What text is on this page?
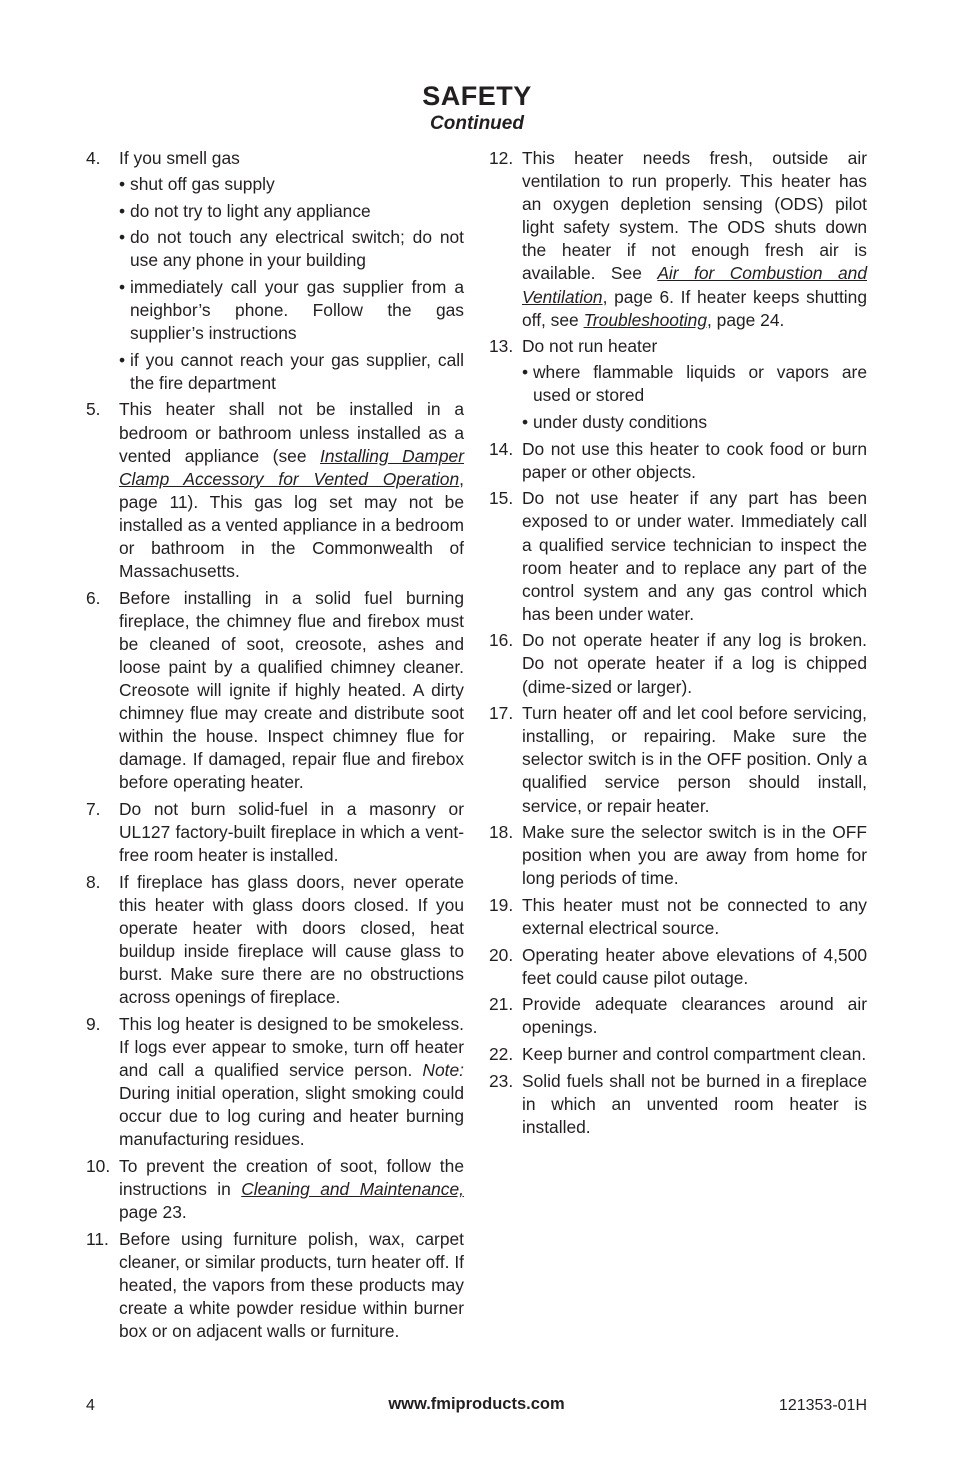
SAFETY
Continued
4. If you smell gas
• shut off gas supply
• do not try to light any appliance
• do not touch any electrical switch; do not use any phone in your building
• immediately call your gas supplier from a neighbor’s phone. Follow the gas supplier’s instructions
• if you cannot reach your gas supplier, call the fire department
5. This heater shall not be installed in a bedroom or bathroom unless installed as a vented appliance (see Installing Damper Clamp Accessory for Vented Operation, page 11). This gas log set may not be installed as a vented appliance in a bedroom or bathroom in the Commonwealth of Massachusetts.
6. Before installing in a solid fuel burning fireplace, the chimney flue and firebox must be cleaned of soot, creosote, ashes and loose paint by a qualified chimney cleaner. Creosote will ignite if highly heated. A dirty chimney flue may create and distribute soot within the house. Inspect chimney flue for damage. If damaged, repair flue and firebox before operating heater.
7. Do not burn solid-fuel in a masonry or UL127 factory-built fireplace in which a vent-free room heater is installed.
8. If fireplace has glass doors, never operate this heater with glass doors closed. If you operate heater with doors closed, heat buildup inside fireplace will cause glass to burst. Make sure there are no obstructions across openings of fireplace.
9. This log heater is designed to be smokeless. If logs ever appear to smoke, turn off heater and call a qualified service person. Note: During initial operation, slight smoking could occur due to log curing and heater burning manufacturing residues.
10. To prevent the creation of soot, follow the instructions in Cleaning and Maintenance, page 23.
11. Before using furniture polish, wax, carpet cleaner, or similar products, turn heater off. If heated, the vapors from these products may create a white powder residue within burner box or on adjacent walls or furniture.
12. This heater needs fresh, outside air ventilation to run properly. This heater has an oxygen depletion sensing (ODS) pilot light safety system. The ODS shuts down the heater if not enough fresh air is available. See Air for Combustion and Ventilation, page 6. If heater keeps shutting off, see Troubleshooting, page 24.
13. Do not run heater
• where flammable liquids or vapors are used or stored
• under dusty conditions
14. Do not use this heater to cook food or burn paper or other objects.
15. Do not use heater if any part has been exposed to or under water. Immediately call a qualified service technician to inspect the room heater and to replace any part of the control system and any gas control which has been under water.
16. Do not operate heater if any log is broken. Do not operate heater if a log is chipped (dime-sized or larger).
17. Turn heater off and let cool before servicing, installing, or repairing. Make sure the selector switch is in the OFF position. Only a qualified service person should install, service, or repair heater.
18. Make sure the selector switch is in the OFF position when you are away from home for long periods of time.
19. This heater must not be connected to any external electrical source.
20. Operating heater above elevations of 4,500 feet could cause pilot outage.
21. Provide adequate clearances around air openings.
22. Keep burner and control compartment clean.
23. Solid fuels shall not be burned in a fireplace in which an unvented room heater is installed.
4	www.fmiproducts.com	121353-01H
